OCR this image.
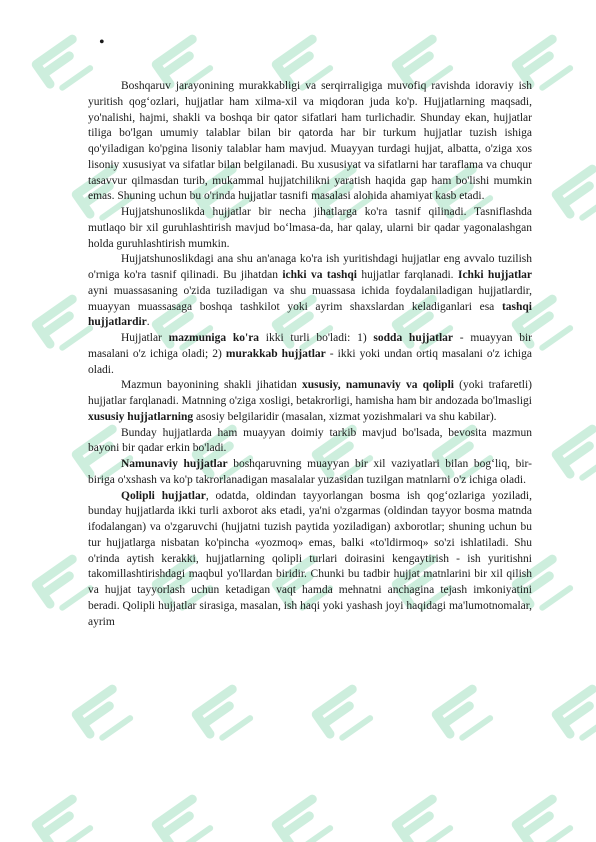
•

Boshqaruv jarayonining murakkabligi va serqirraligiga muvofiq ravishda idoraviy ish yuritish qog‘ozlari, hujjatlar ham xilma-xil va miqdoran juda ko'p. Hujjatlarning maqsadi, yo'nalishi, hajmi, shakli va boshqa bir qator sifatlari ham turlichadir. Shunday ekan, hujjatlar tiliga bo'lgan umumiy talablar bilan bir qatorda har bir turkum hujjatlar tuzish ishiga qo'yiladigan ko'pgina lisoniy talablar ham mavjud. Muayyan turdagi hujjat, albatta, o'ziga xos lisoniy xususiyat va sifatlar bilan belgilanadi. Bu xususiyat va sifatlarni har taraflama va chuqur tasavvur qilmasdan turib, mukammal hujjatchilikni yaratish haqida gap ham bo'lishi mumkin emas. Shuning uchun bu o'rinda hujjatlar tasnifi masalasi alohida ahamiyat kasb etadi.

Hujjatshunoslikda hujjatlar bir necha jihatlarga ko'ra tasnif qilinadi. Tasniflashda mutlaqo bir xil guruhlashtirish mavjud bo‘lmasa-da, har qalay, ularni bir qadar yagonalashgan holda guruhlashtirish mumkin.

Hujjatshunoslikdagi ana shu an'anaga ko'ra ish yuritishdagi hujjatlar eng avvalo tuzilish o'rniga ko'ra tasnif qilinadi. Bu jihatdan ichki va tashqi hujjatlar farqlanadi. Ichki hujjatlar ayni muassasaning o'zida tuziladigan va shu muassasa ichida foydalaniladigan hujjatlardir, muayyan muassasaga boshqa tashkilot yoki ayrim shaxslardan keladiganlari esa tashqi hujjatlardir.

Hujjatlar mazmuniga ko'ra ikki turli bo'ladi: 1) sodda hujjatlar - muayyan bir masalani o'z ichiga oladi; 2) murakkab hujjatlar - ikki yoki undan ortiq masalani o'z ichiga oladi.

Mazmun bayonining shakli jihatidan xususiy, namunaviy va qolipli (yoki trafaretli) hujjatlar farqlanadi. Matnning o'ziga xosligi, betakrorligi, hamisha ham bir andozada bo'lmasligi xususiy hujjatlarning asosiy belgilaridir (masalan, xizmat yozishmalari va shu kabilar).

Bunday hujjatlarda ham muayyan doimiy tarkib mavjud bo'lsada, bevosita mazmun bayoni bir qadar erkin bo'ladi.

Namunaviy hujjatlar boshqaruvning muayyan bir xil vaziyatlari bilan bog‘liq, bir- biriga o'xshash va ko'p takrorlanadigan masalalar yuzasidan tuzilgan matnlarni o'z ichiga oladi.

Qolipli hujjatlar, odatda, oldindan tayyorlangan bosma ish qog‘ozlariga yoziladi, bunday hujjatlarda ikki turli axborot aks etadi, ya'ni o'zgarmas (oldindan tayyor bosma matnda ifodalangan) va o'zgaruvchi (hujjatni tuzish paytida yoziladigan) axborotlar; shuning uchun bu tur hujjatlarga nisbatan ko'pincha «yozmoq» emas, balki «to'ldirmoq» so'zi ishlatiladi. Shu o'rinda aytish kerakki, hujjatlarning qolipli turlari doirasini kengaytirish - ish yuritishni takomillashtirishdagi maqbul yo'llardan biridir. Chunki bu tadbir hujjat matnlarini bir xil qilish va hujjat tayyorlash uchun ketadigan vaqt hamda mehnatni anchagina tejash imkoniyatini beradi. Qolipli hujjatlar sirasiga, masalan, ish haqi yoki yashash joyi haqidagi ma'lumotnomalar, ayrim
